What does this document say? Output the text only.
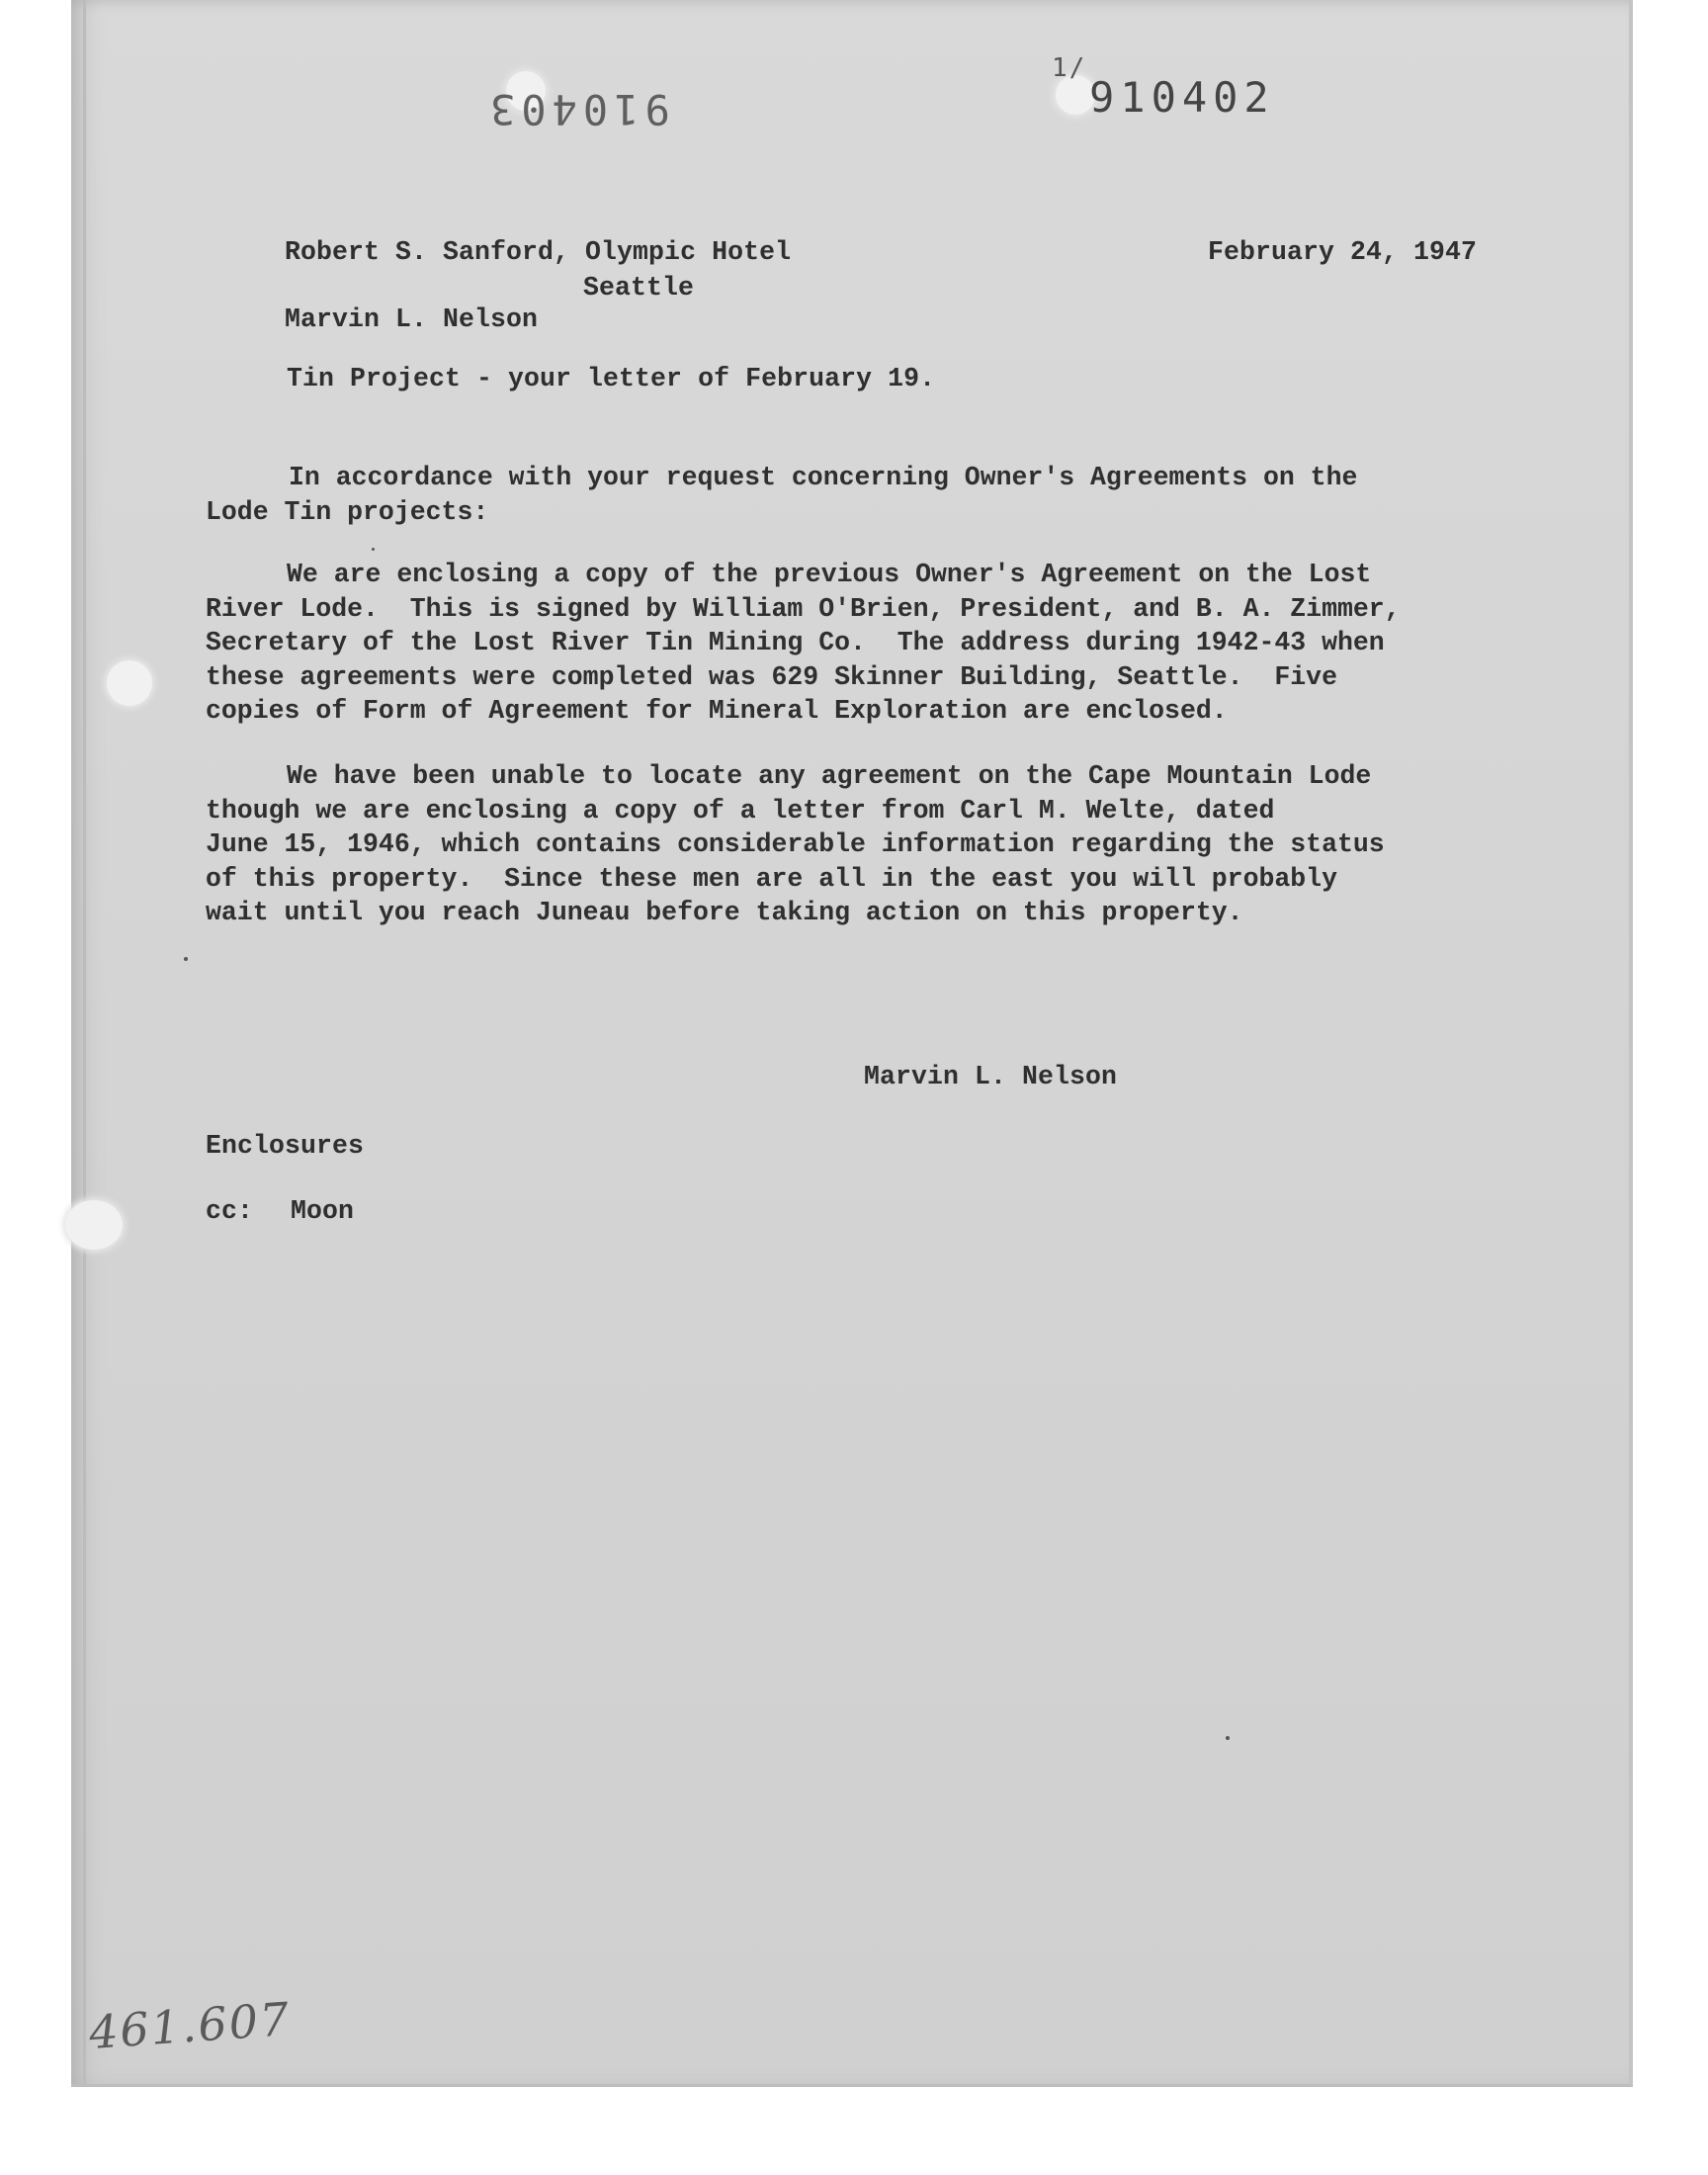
910403
1/
910402
Robert S. Sanford, Olympic Hotel	February 24, 1947
Seattle
Marvin L. Nelson
Tin Project - your letter of February 19.
In accordance with your request concerning Owner's Agreements on the
Lode Tin projects:
We are enclosing a copy of the previous Owner's Agreement on the Lost
River Lode.  This is signed by William O'Brien, President, and B. A. Zimmer,
Secretary of the Lost River Tin Mining Co.  The address during 1942-43 when
these agreements were completed was 629 Skinner Building, Seattle.  Five
copies of Form of Agreement for Mineral Exploration are enclosed.
We have been unable to locate any agreement on the Cape Mountain Lode
though we are enclosing a copy of a letter from Carl M. Welte, dated
June 15, 1946, which contains considerable information regarding the status
of this property.  Since these men are all in the east you will probably
wait until you reach Juneau before taking action on this property.
Marvin L. Nelson
Enclosures
cc: Moon
461.607
